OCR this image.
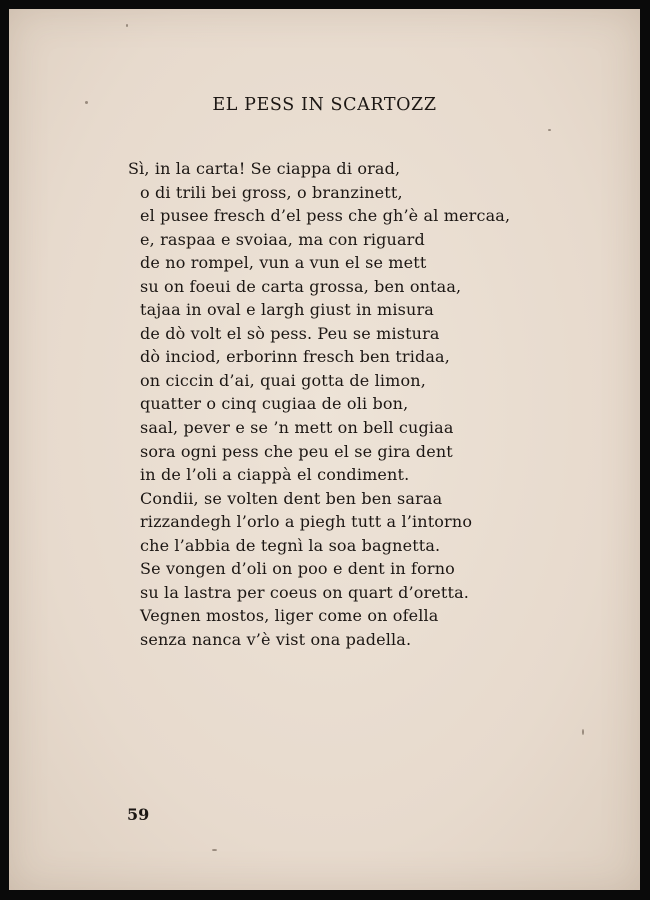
EL PESS IN SCARTOZZ
Sì, in la carta! Se ciappa di orad,
o di trili bei gross, o branzinett,
el pusee fresch d’el pess che gh’è al mercaa,
e, raspaa e svoiaa, ma con riguard
de no rompel, vun a vun el se mett
su on foeui de carta grossa, ben ontaa,
tajaa in oval e largh giust in misura
de dò volt el sò pess. Peu se mistura
dò inciod, erborinn fresch ben tridaa,
on ciccin d’ai, quai gotta de limon,
quatter o cinq cugiaa de oli bon,
saal, pever e se ’n mett on bell cugiaa
sora ogni pess che peu el se gira dent
in de l’oli a ciappà el condiment.
Condii, se volten dent ben ben saraa
rizzandegh l’orlo a piegh tutt a l’intorno
che l’abbia de tegnì la soa bagnetta.
Se vongen d’oli on poo e dent in forno
su la lastra per coeus on quart d’oretta.
Vegnen mostos, liger come on ofella
senza nanca v’è vist ona padella.
59
